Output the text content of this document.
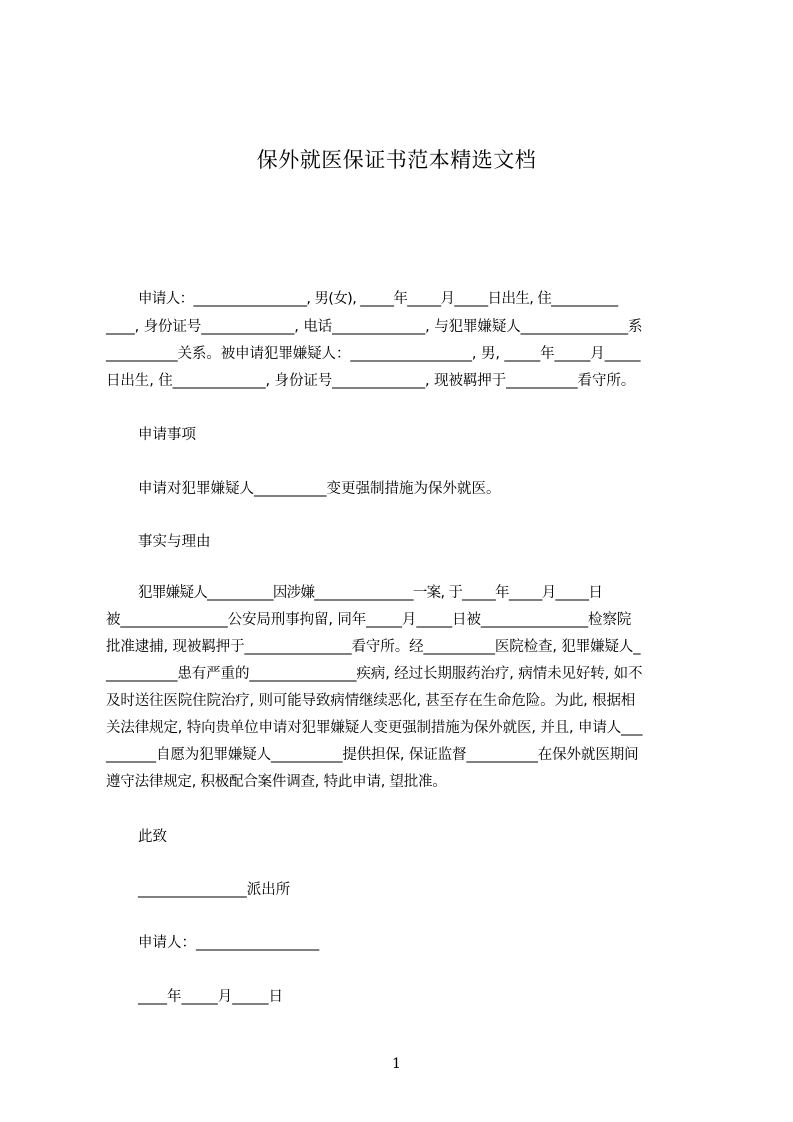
保外就医保证书范本精选文档
申请人：_________________, 男(女), _____年_____月_____日出生, 住__________
____, 身份证号_____________, 电话_____________, 与犯罪嫌疑人_______________系
__________关系。被申请犯罪嫌疑人：_________________, 男, _____年_____月_____
日出生, 住_____________, 身份证号_____________, 现被羁押于__________看守所。
申请事项
申请对犯罪嫌疑人__________变更强制措施为保外就医。
事实与理由
犯罪嫌疑人__________因涉嫌_______________一案, 于_____年_____月_____日
被_______________公安局刑事拘留, 同年_____月_____日被_______________检察院
批准逮捕, 现被羁押于_______________看守所。经__________医院检查, 犯罪嫌疑人_
__________患有严重的_______________疾病, 经过长期服药治疗, 病情未见好转, 如不
及时送往医院住院治疗, 则可能导致病情继续恶化, 甚至存在生命危险。为此, 根据相
关法律规定, 特向贵单位申请对犯罪嫌疑人变更强制措施为保外就医, 并且, 申请人___
_______自愿为犯罪嫌疑人__________提供担保, 保证监督__________在保外就医期间
遵守法律规定, 积极配合案件调查, 特此申请, 望批准。
此致
_______________派出所
申请人：_________________
____年_____月_____日
1
